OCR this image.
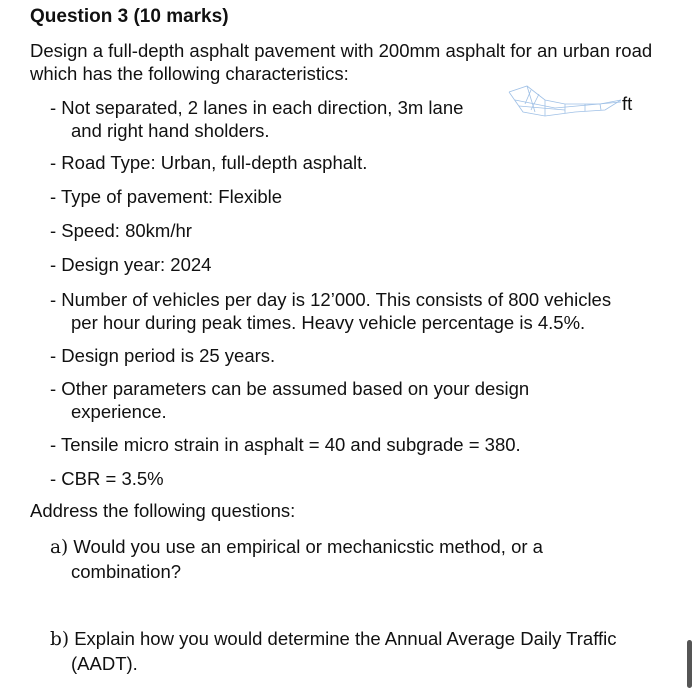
Question 3 (10 marks)
Design a full-depth asphalt pavement with 200mm asphalt for an urban road which has the following characteristics:
- Not separated, 2 lanes in each direction, 3m lane
and right hand sholders.
ft
- Road Type: Urban, full-depth asphalt.
- Type of pavement: Flexible
- Speed: 80km/hr
- Design year: 2024
- Number of vehicles per day is 12’000. This consists of 800 vehicles
per hour during peak times. Heavy vehicle percentage is 4.5%.
- Design period is 25 years.
- Other parameters can be assumed based on your design
experience.
- Tensile micro strain in asphalt = 40 and subgrade = 380.
- CBR = 3.5%
Address the following questions:
a) Would you use an empirical or mechanicstic method, or a
combination?
b) Explain how you would determine the Annual Average Daily Traffic
(AADT).
